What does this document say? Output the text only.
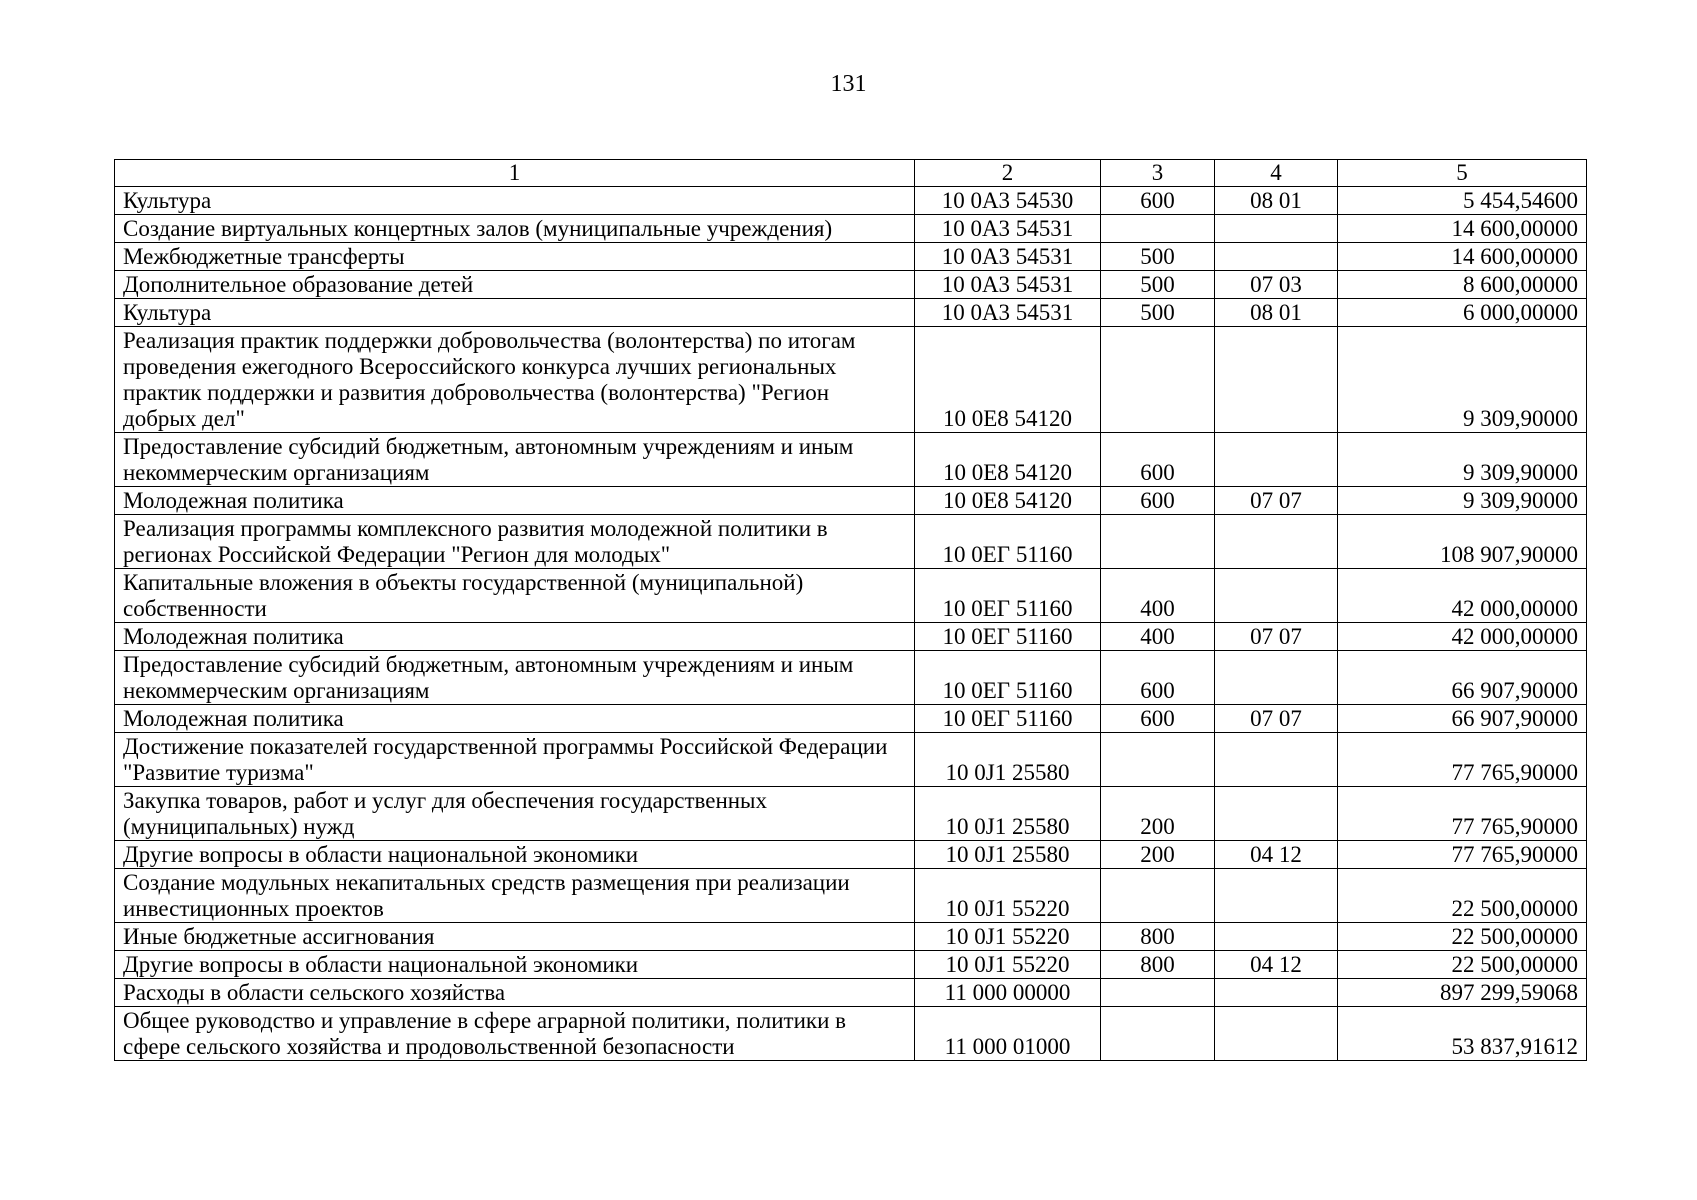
131
1	2	3	4	5
Культура	10 0А3 54530	600	08 01	5 454,54600
Создание виртуальных концертных залов (муниципальные учреждения)	10 0А3 54531			14 600,00000
Межбюджетные трансферты	10 0А3 54531	500		14 600,00000
Дополнительное образование детей	10 0А3 54531	500	07 03	8 600,00000
Культура	10 0А3 54531	500	08 01	6 000,00000
Реализация практик поддержки добровольчества (волонтерства) по итогам проведения ежегодного Всероссийского конкурса лучших региональных практик поддержки и развития добровольчества (волонтерства) "Регион добрых дел"	10 0Е8 54120			9 309,90000
Предоставление субсидий бюджетным, автономным учреждениям и иным некоммерческим организациям	10 0Е8 54120	600		9 309,90000
Молодежная политика	10 0Е8 54120	600	07 07	9 309,90000
Реализация программы комплексного развития молодежной политики в регионах Российской Федерации "Регион для молодых"	10 0ЕГ 51160			108 907,90000
Капитальные вложения в объекты государственной (муниципальной) собственности	10 0ЕГ 51160	400		42 000,00000
Молодежная политика	10 0ЕГ 51160	400	07 07	42 000,00000
Предоставление субсидий бюджетным, автономным учреждениям и иным некоммерческим организациям	10 0ЕГ 51160	600		66 907,90000
Молодежная политика	10 0ЕГ 51160	600	07 07	66 907,90000
Достижение показателей государственной программы Российской Федерации "Развитие туризма"	10 0J1 25580			77 765,90000
Закупка товаров, работ и услуг для обеспечения государственных (муниципальных) нужд	10 0J1 25580	200		77 765,90000
Другие вопросы в области национальной экономики	10 0J1 25580	200	04 12	77 765,90000
Создание модульных некапитальных средств размещения при реализации инвестиционных проектов	10 0J1 55220			22 500,00000
Иные бюджетные ассигнования	10 0J1 55220	800		22 500,00000
Другие вопросы в области национальной экономики	10 0J1 55220	800	04 12	22 500,00000
Расходы в области сельского хозяйства	11 000 00000			897 299,59068
Общее руководство и управление в сфере аграрной политики, политики в сфере сельского хозяйства и продовольственной безопасности	11 000 01000			53 837,91612
